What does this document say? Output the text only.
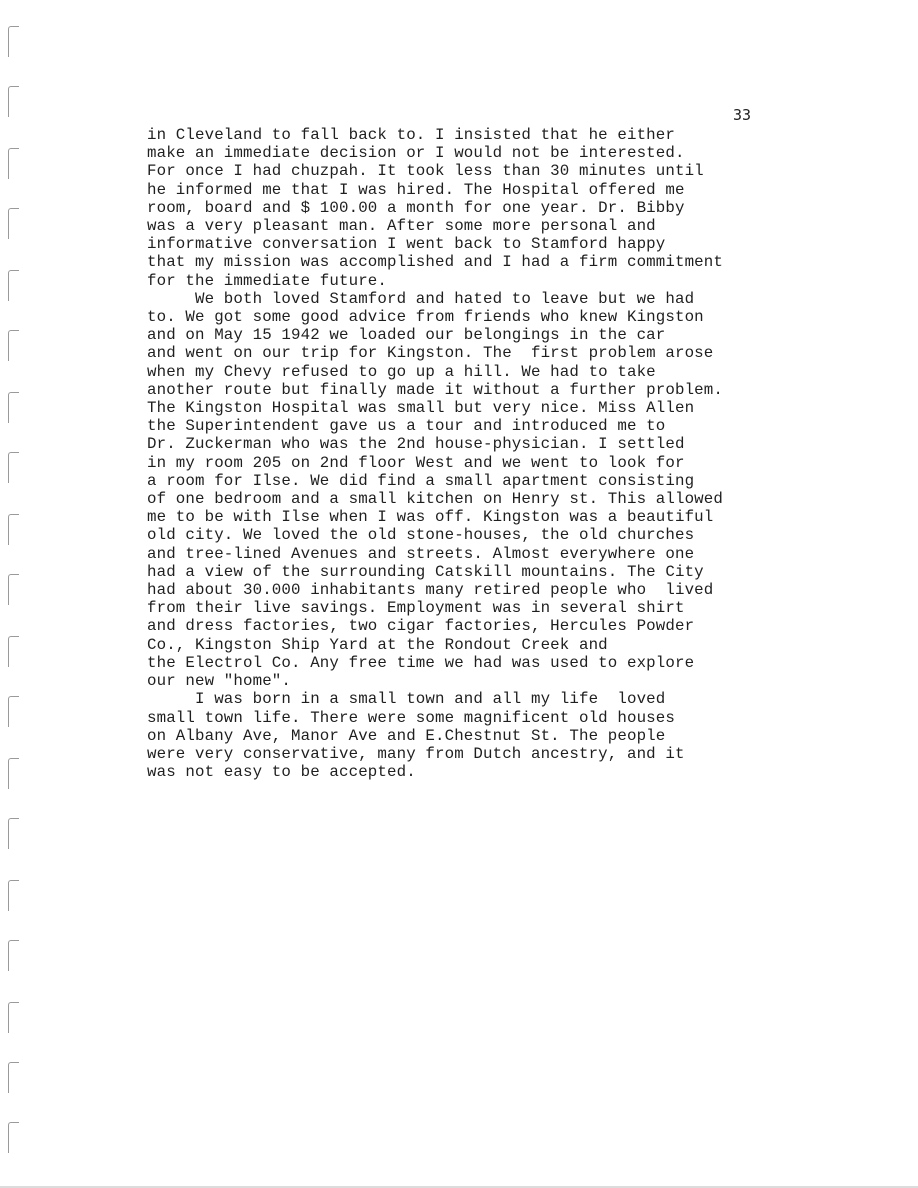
33

in Cleveland to fall back to. I insisted that he either
make an immediate decision or I would not be interested.
For once I had chuzpah. It took less than 30 minutes until
he informed me that I was hired. The Hospital offered me
room, board and $ 100.00 a month for one year. Dr. Bibby
was a very pleasant man. After some more personal and
informative conversation I went back to Stamford happy
that my mission was accomplished and I had a firm commitment
for the immediate future.
We both loved Stamford and hated to leave but we had
to. We got some good advice from friends who knew Kingston
and on May 15 1942 we loaded our belongings in the car
and went on our trip for Kingston. The  first problem arose
when my Chevy refused to go up a hill. We had to take
another route but finally made it without a further problem.
The Kingston Hospital was small but very nice. Miss Allen
the Superintendent gave us a tour and introduced me to
Dr. Zuckerman who was the 2nd house-physician. I settled
in my room 205 on 2nd floor West and we went to look for
a room for Ilse. We did find a small apartment consisting
of one bedroom and a small kitchen on Henry st. This allowed
me to be with Ilse when I was off. Kingston was a beautiful
old city. We loved the old stone-houses, the old churches
and tree-lined Avenues and streets. Almost everywhere one
had a view of the surrounding Catskill mountains. The City
had about 30.000 inhabitants many retired people who  lived
from their live savings. Employment was in several shirt
and dress factories, two cigar factories, Hercules Powder
Co., Kingston Ship Yard at the Rondout Creek and
the Electrol Co. Any free time we had was used to explore
our new "home".
I was born in a small town and all my life  loved
small town life. There were some magnificent old houses
on Albany Ave, Manor Ave and E.Chestnut St. The people
were very conservative, many from Dutch ancestry, and it
was not easy to be accepted.
